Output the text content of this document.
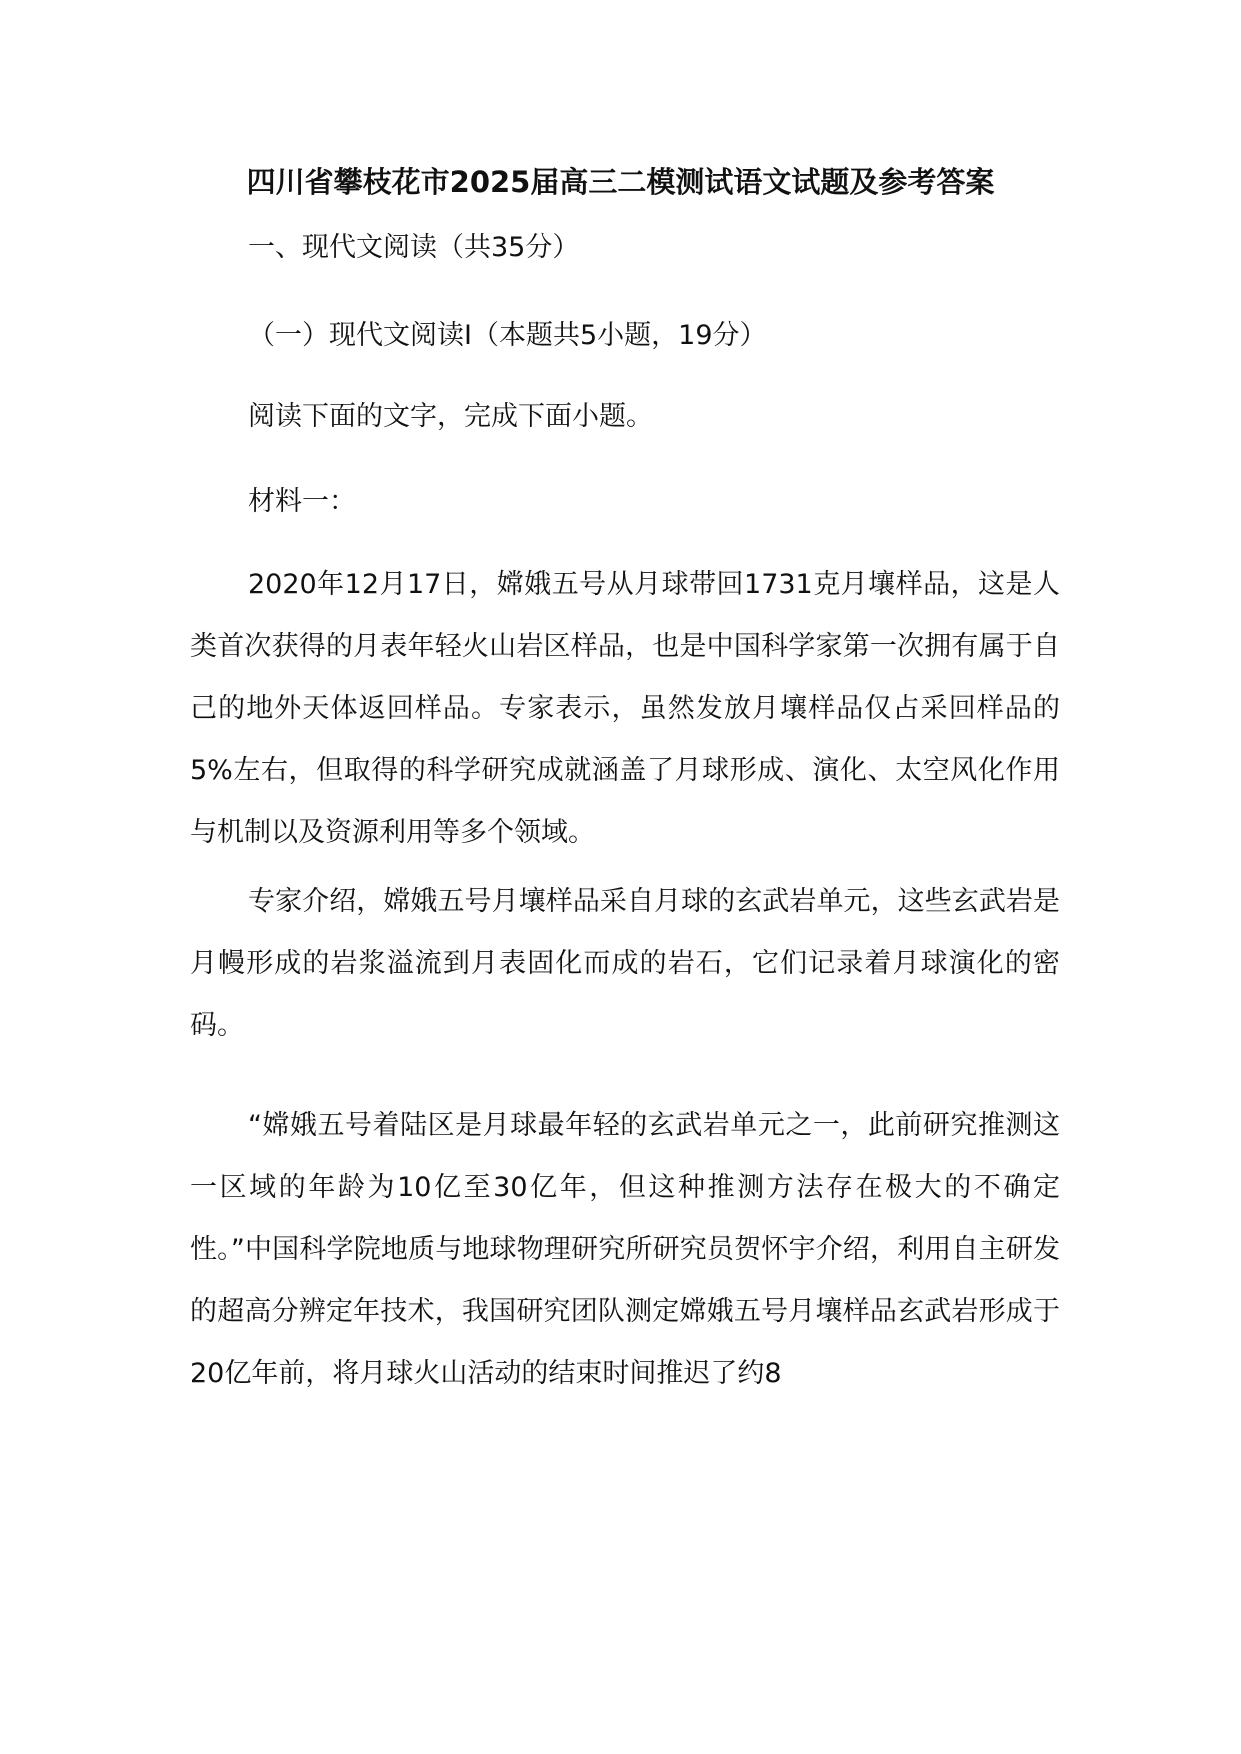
四川省攀枝花市2025届高三二模测试语文试题及参考答案
一、现代文阅读（共35分）
（一）现代文阅读Ⅰ（本题共5小题，19分）
阅读下面的文字，完成下面小题。
材料一：

2020年12月17日，嫦娥五号从月球带回1731克月壤样品，这是人类首次获得的月表年轻火山岩区样品，也是中国科学家第一次拥有属于自己的地外天体返回样品。专家表示，虽然发放月壤样品仅占采回样品的5%左右，但取得的科学研究成就涵盖了月球形成、演化、太空风化作用与机制以及资源利用等多个领域。

专家介绍，嫦娥五号月壤样品采自月球的玄武岩单元，这些玄武岩是月幔形成的岩浆溢流到月表固化而成的岩石，它们记录着月球演化的密码。

“嫦娥五号着陆区是月球最年轻的玄武岩单元之一，此前研究推测这一区域的年龄为10亿至30亿年，但这种推测方法存在极大的不确定性。”中国科学院地质与地球物理研究所研究员贺怀宇介绍，利用自主研发的超高分辨定年技术，我国研究团队测定嫦娥五号月壤样品玄武岩形成于20亿年前，将月球火山活动的结束时间推迟了约8
